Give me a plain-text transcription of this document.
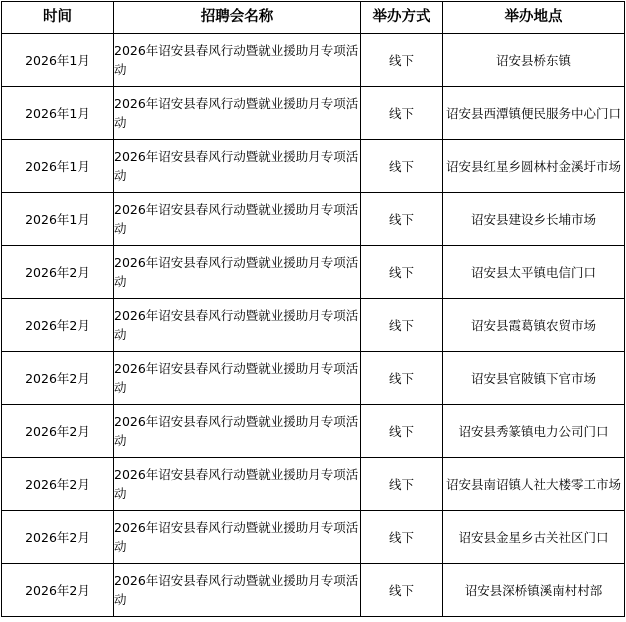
时间	招聘会名称	举办方式	举办地点
2026年1月	2026年诏安县春风行动暨就业援助月专项活动	线下	诏安县桥东镇
2026年1月	2026年诏安县春风行动暨就业援助月专项活动	线下	诏安县西潭镇便民服务中心门口
2026年1月	2026年诏安县春风行动暨就业援助月专项活动	线下	诏安县红星乡圆林村金溪圩市场
2026年1月	2026年诏安县春风行动暨就业援助月专项活动	线下	诏安县建设乡长埔市场
2026年2月	2026年诏安县春风行动暨就业援助月专项活动	线下	诏安县太平镇电信门口
2026年2月	2026年诏安县春风行动暨就业援助月专项活动	线下	诏安县霞葛镇农贸市场
2026年2月	2026年诏安县春风行动暨就业援助月专项活动	线下	诏安县官陂镇下官市场
2026年2月	2026年诏安县春风行动暨就业援助月专项活动	线下	诏安县秀篆镇电力公司门口
2026年2月	2026年诏安县春风行动暨就业援助月专项活动	线下	诏安县南诏镇人社大楼零工市场
2026年2月	2026年诏安县春风行动暨就业援助月专项活动	线下	诏安县金星乡古关社区门口
2026年2月	2026年诏安县春风行动暨就业援助月专项活动	线下	诏安县深桥镇溪南村村部
